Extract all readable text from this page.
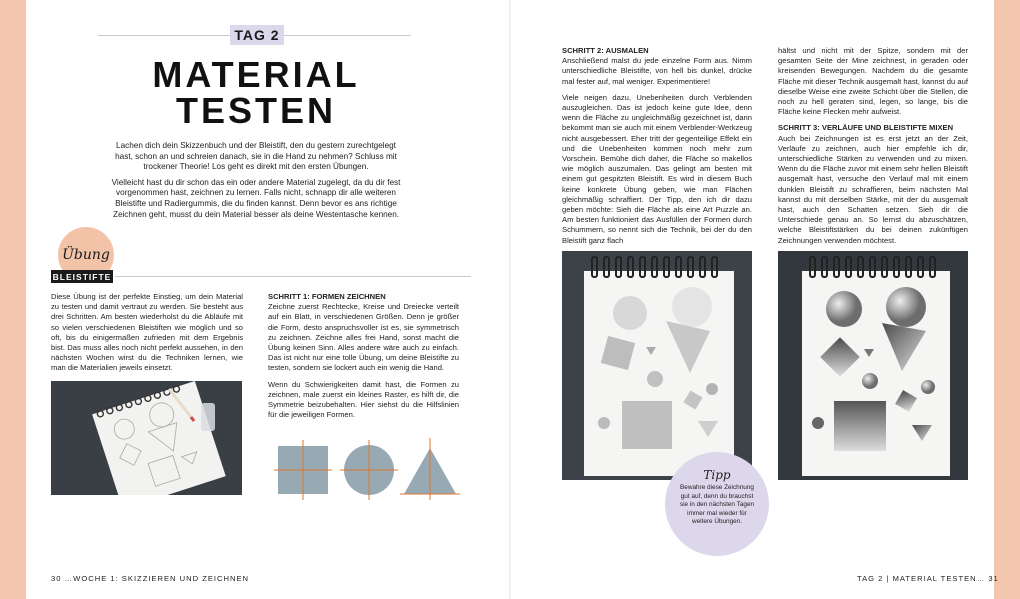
TAG 2
MATERIAL
TESTEN

Lachen dich dein Skizzenbuch und der Bleistift, den du gestern zurechtgelegt hast, schon an und schreien danach, sie in die Hand zu nehmen? Schluss mit trockener Theorie! Los geht es direkt mit den ersten Übungen.

Vielleicht hast du dir schon das ein oder andere Material zugelegt, da du dir fest vorgenommen hast, zeichnen zu lernen. Falls nicht, schnapp dir alle weiteren Bleistifte und Radiergummis, die du finden kannst. Denn bevor es ans richtige Zeichnen geht, musst du dein Material besser als deine Westentasche kennen.

Übung
BLEISTIFTE

Diese Übung ist der perfekte Einstieg, um dein Material zu testen und damit vertraut zu werden. Sie besteht aus drei Schritten. Am besten wiederholst du die Abläufe mit so vielen verschiedenen Bleistiften wie möglich und so oft, bis du einigermaßen zufrieden mit dem Ergebnis bist. Das muss alles noch nicht perfekt aussehen, in den nächsten Wochen wirst du die Techniken lernen, wie man die Materialien jeweils einsetzt.

SCHRITT 1: FORMEN ZEICHNEN

Zeichne zuerst Rechtecke, Kreise und Dreiecke verteilt auf ein Blatt, in verschiedenen Größen. Denn je größer die Form, desto anspruchsvoller ist es, sie symmetrisch zu zeichnen. Zeichne alles frei Hand, sonst macht die Übung keinen Sinn. Alles andere wäre auch zu einfach. Das ist nicht nur eine tolle Übung, um deine Bleistifte zu testen, sondern sie lockert auch ein wenig die Hand.

Wenn du Schwierigkeiten damit hast, die Formen zu zeichnen, male zuerst ein kleines Raster, es hilft dir, die Symmetrie beizubehalten. Hier siehst du die Hilfslinien für die jeweiligen Formen.

30 …WOCHE 1: SKIZZIEREN UND ZEICHNEN
SCHRITT 2: AUSMALEN

Anschließend malst du jede einzelne Form aus. Nimm unterschiedliche Bleistifte, von hell bis dunkel, drücke mal fester auf, mal weniger. Experimentiere!

Viele neigen dazu, Unebenheiten durch Verblenden auszugleichen. Das ist jedoch keine gute Idee, denn wenn die Fläche zu ungleichmäßig gezeichnet ist, dann bekommt man sie auch mit einem Verblender-Werkzeug nicht ausgebessert. Eher tritt der gegenteilige Effekt ein und die Unebenheiten kommen noch mehr zum Vorschein. Bemühe dich daher, die Fläche so makellos wie möglich auszumalen. Das gelingt am besten mit einem gut gespitzten Bleistift. Es wird in diesem Buch keine konkrete Übung geben, wie man Flächen gleichmäßig schraffiert. Der Tipp, den ich dir dazu geben möchte: Sieh die Fläche als eine Art Puzzle an. Am besten funktioniert das Ausfüllen der Formen durch Schummern, so nennt sich die Technik, bei der du den Bleistift ganz flach

hältst und nicht mit der Spitze, sondern mit der gesamten Seite der Mine zeichnest, in geraden oder kreisenden Bewegungen. Nachdem du die gesamte Fläche mit dieser Technik ausgemalt hast, kannst du auf dieselbe Weise eine zweite Schicht über die Stellen, die noch zu hell geraten sind, legen, so lange, bis die Fläche keine Flecken mehr aufweist.

SCHRITT 3: VERLÄUFE UND BLEISTIFTE MIXEN

Auch bei Zeichnungen ist es erst jetzt an der Zeit, Verläufe zu zeichnen, auch hier empfehle ich dir, unterschiedliche Stärken zu verwenden und zu mixen. Wenn du die Fläche zuvor mit einem sehr hellen Bleistift ausgemalt hast, versuche den Verlauf mal mit einem dunklen Bleistift zu schraffieren, beim nächsten Mal kannst du mit derselben Stärke, mit der du ausgemalt hast, auch den Schatten setzen. Sieh dir die Unterschiede genau an. So lernst du abzuschätzen, welche Bleistiftstärken du bei deinen zukünftigen Zeichnungen verwenden möchtest.

Tipp
Bewahre diese Zeichnung gut auf, denn du brauchst sie in den nächsten Tagen immer mal wieder für weitere Übungen.
TAG 2 | MATERIAL TESTEN… 31
